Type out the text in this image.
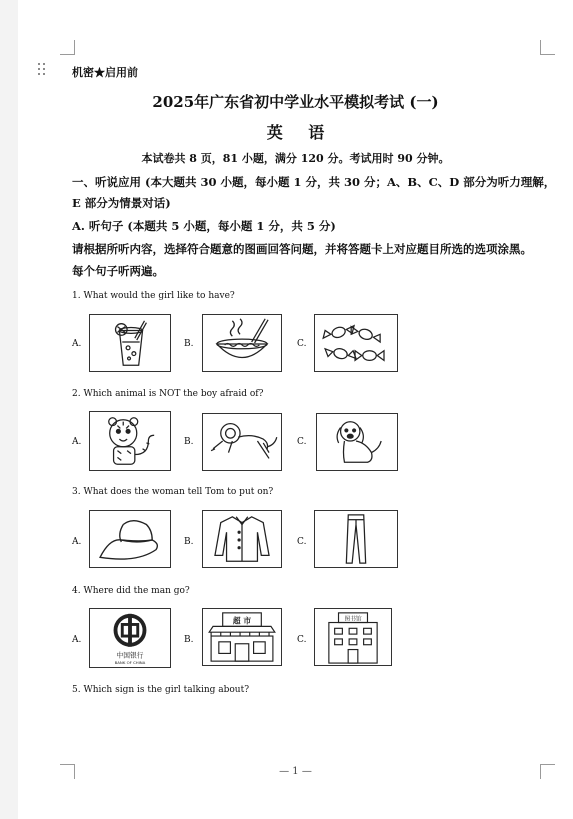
机密★启用前
2025年广东省初中学业水平模拟考试 (一)
英 语
本试卷共 8 页，81 小题，满分 120 分。考试用时 90 分钟。
一、听说应用 (本大题共 30 小题，每小题 1 分，共 30 分；A、B、C、D 部分为听力理解，
E 部分为情景对话)
A. 听句子 (本题共 5 小题，每小题 1 分，共 5 分)
请根据所听内容，选择符合题意的图画回答问题，并将答题卡上对应题目所选的选项涂黑。
每个句子听两遍。
1. What would the girl like to have?
A.	B.	C.
2. Which animal is NOT the boy afraid of?
A.	B.	C.
3. What does the woman tell Tom to put on?
A.	B.	C.
4. Where did the man go?
A.
中国银行
BANK OF CHINA
B.
超 市
C.
图书馆
5. Which sign is the girl talking about?
— 1 —
